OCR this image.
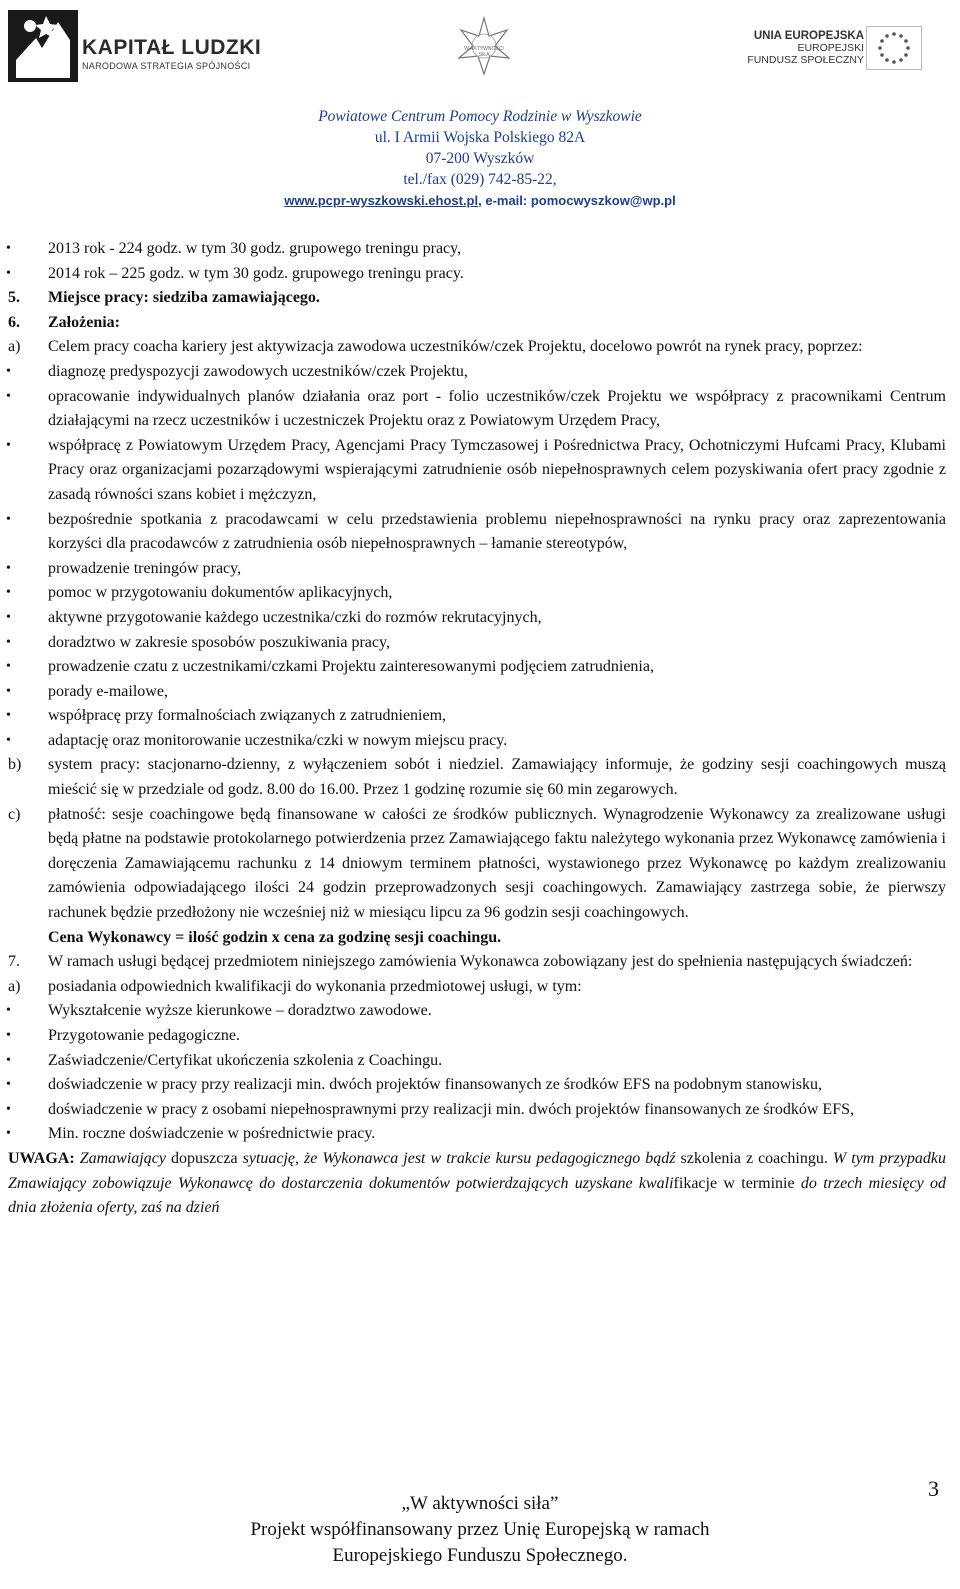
KAPITAŁ LUDZKI
NARODOWA STRATEGIA SPÓJNOŚCI
W AKTYWNOŚCI SIŁA
UNIA EUROPEJSKA
EUROPEJSKI
FUNDUSZ SPOŁECZNY
Powiatowe Centrum Pomocy Rodzinie w Wyszkowie
ul. I Armii Wojska Polskiego 82A
07-200 Wyszków
tel./fax (029) 742-85-22,
www.pcpr-wyszkowski.ehost.pl, e-mail: pomocwyszkow@wp.pl
• 2013 rok - 224 godz. w tym 30 godz. grupowego treningu pracy,
• 2014 rok – 225 godz. w tym 30 godz. grupowego treningu pracy.
5. Miejsce pracy: siedziba zamawiającego.
6. Założenia:
a) Celem pracy coacha kariery jest aktywizacja zawodowa uczestników/czek Projektu, docelowo powrót na rynek pracy, poprzez:
• diagnozę predyspozycji zawodowych uczestników/czek Projektu,
• opracowanie indywidualnych planów działania oraz port - folio uczestników/czek Projektu we współpracy z pracownikami Centrum działającymi na rzecz uczestników i uczestniczek Projektu oraz z Powiatowym Urzędem Pracy,
• współpracę z Powiatowym Urzędem Pracy, Agencjami Pracy Tymczasowej i Pośrednictwa Pracy, Ochotniczymi Hufcami Pracy, Klubami Pracy oraz organizacjami pozarządowymi wspierającymi zatrudnienie osób niepełnosprawnych celem pozyskiwania ofert pracy zgodnie z zasadą równości szans kobiet i mężczyzn,
• bezpośrednie spotkania z pracodawcami w celu przedstawienia problemu niepełnosprawności na rynku pracy oraz zaprezentowania korzyści dla pracodawców z zatrudnienia osób niepełnosprawnych – łamanie stereotypów,
• prowadzenie treningów pracy,
• pomoc w przygotowaniu dokumentów aplikacyjnych,
• aktywne przygotowanie każdego uczestnika/czki do rozmów rekrutacyjnych,
• doradztwo w zakresie sposobów poszukiwania pracy,
• prowadzenie czatu z uczestnikami/czkami Projektu zainteresowanymi podjęciem zatrudnienia,
• porady e-mailowe,
• współpracę przy formalnościach związanych z zatrudnieniem,
• adaptację oraz monitorowanie uczestnika/czki w nowym miejscu pracy.
b) system pracy: stacjonarno-dzienny, z wyłączeniem sobót i niedziel. Zamawiający informuje, że godziny sesji coachingowych muszą mieścić się w przedziale od godz. 8.00 do 16.00. Przez 1 godzinę rozumie się 60 min zegarowych.
c) płatność: sesje coachingowe będą finansowane w całości ze środków publicznych. Wynagrodzenie Wykonawcy za zrealizowane usługi będą płatne na podstawie protokolarnego potwierdzenia przez Zamawiającego faktu należytego wykonania przez Wykonawcę zamówienia i doręczenia Zamawiającemu rachunku z 14 dniowym terminem płatności, wystawionego przez Wykonawcę po każdym zrealizowaniu zamówienia odpowiadającego ilości 24 godzin przeprowadzonych sesji coachingowych. Zamawiający zastrzega sobie, że pierwszy rachunek będzie przedłożony nie wcześniej niż w miesiącu lipcu za 96 godzin sesji coachingowych.
Cena Wykonawcy = ilość godzin x cena za godzinę sesji coachingu.
7. W ramach usługi będącej przedmiotem niniejszego zamówienia Wykonawca zobowiązany jest do spełnienia następujących świadczeń:
a) posiadania odpowiednich kwalifikacji do wykonania przedmiotowej usługi, w tym:
• Wykształcenie wyższe kierunkowe – doradztwo zawodowe.
• Przygotowanie pedagogiczne.
• Zaświadczenie/Certyfikat ukończenia szkolenia z Coachingu.
• doświadczenie w pracy przy realizacji min. dwóch projektów finansowanych ze środków EFS na podobnym stanowisku,
• doświadczenie w pracy z osobami niepełnosprawnymi przy realizacji min. dwóch projektów finansowanych ze środków EFS,
• Min. roczne doświadczenie w pośrednictwie pracy.
UWAGA: Zamawiający dopuszcza sytuację, że Wykonawca jest w trakcie kursu pedagogicznego bądź szkolenia z coachingu. W tym przypadku Zmawiający zobowiązuje Wykonawcę do dostarczenia dokumentów potwierdzających uzyskane kwalifikacje w terminie do trzech miesięcy od dnia złożenia oferty, zaś na dzień
3
„W aktywności siła”
Projekt współfinansowany przez Unię Europejską w ramach
Europejskiego Funduszu Społecznego.
